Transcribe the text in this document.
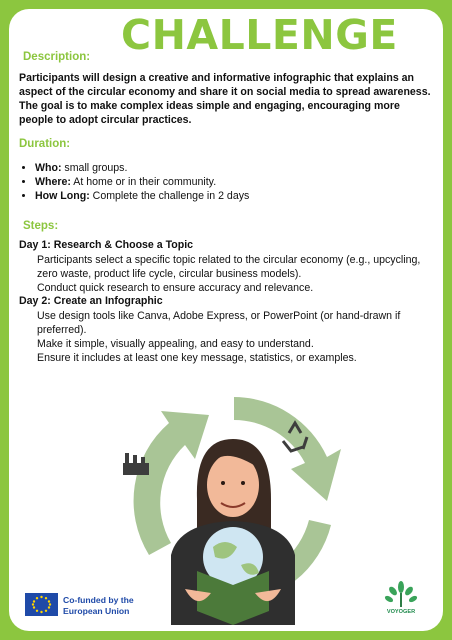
CHALLENGE
Description:
Participants will design a creative and informative infographic that explains an aspect of the circular economy and share it on social media to spread awareness. The goal is to make complex ideas simple and engaging, encouraging more people to adopt circular practices.
Duration:
• Who: small groups.
• Where: At home or in their community.
• How Long: Complete the challenge in 2 days
Steps:
Day 1: Research & Choose a Topic
Participants select a specific topic related to the circular economy (e.g., upcycling, zero waste, product life cycle, circular business models).
Conduct quick research to ensure accuracy and relevance.
Day 2: Create an Infographic
Use design tools like Canva, Adobe Express, or PowerPoint (or hand-drawn if preferred).
Make it simple, visually appealing, and easy to understand.
Ensure it includes at least one key message, statistics, or examples.
Co-funded by the European Union	VOYOGER
